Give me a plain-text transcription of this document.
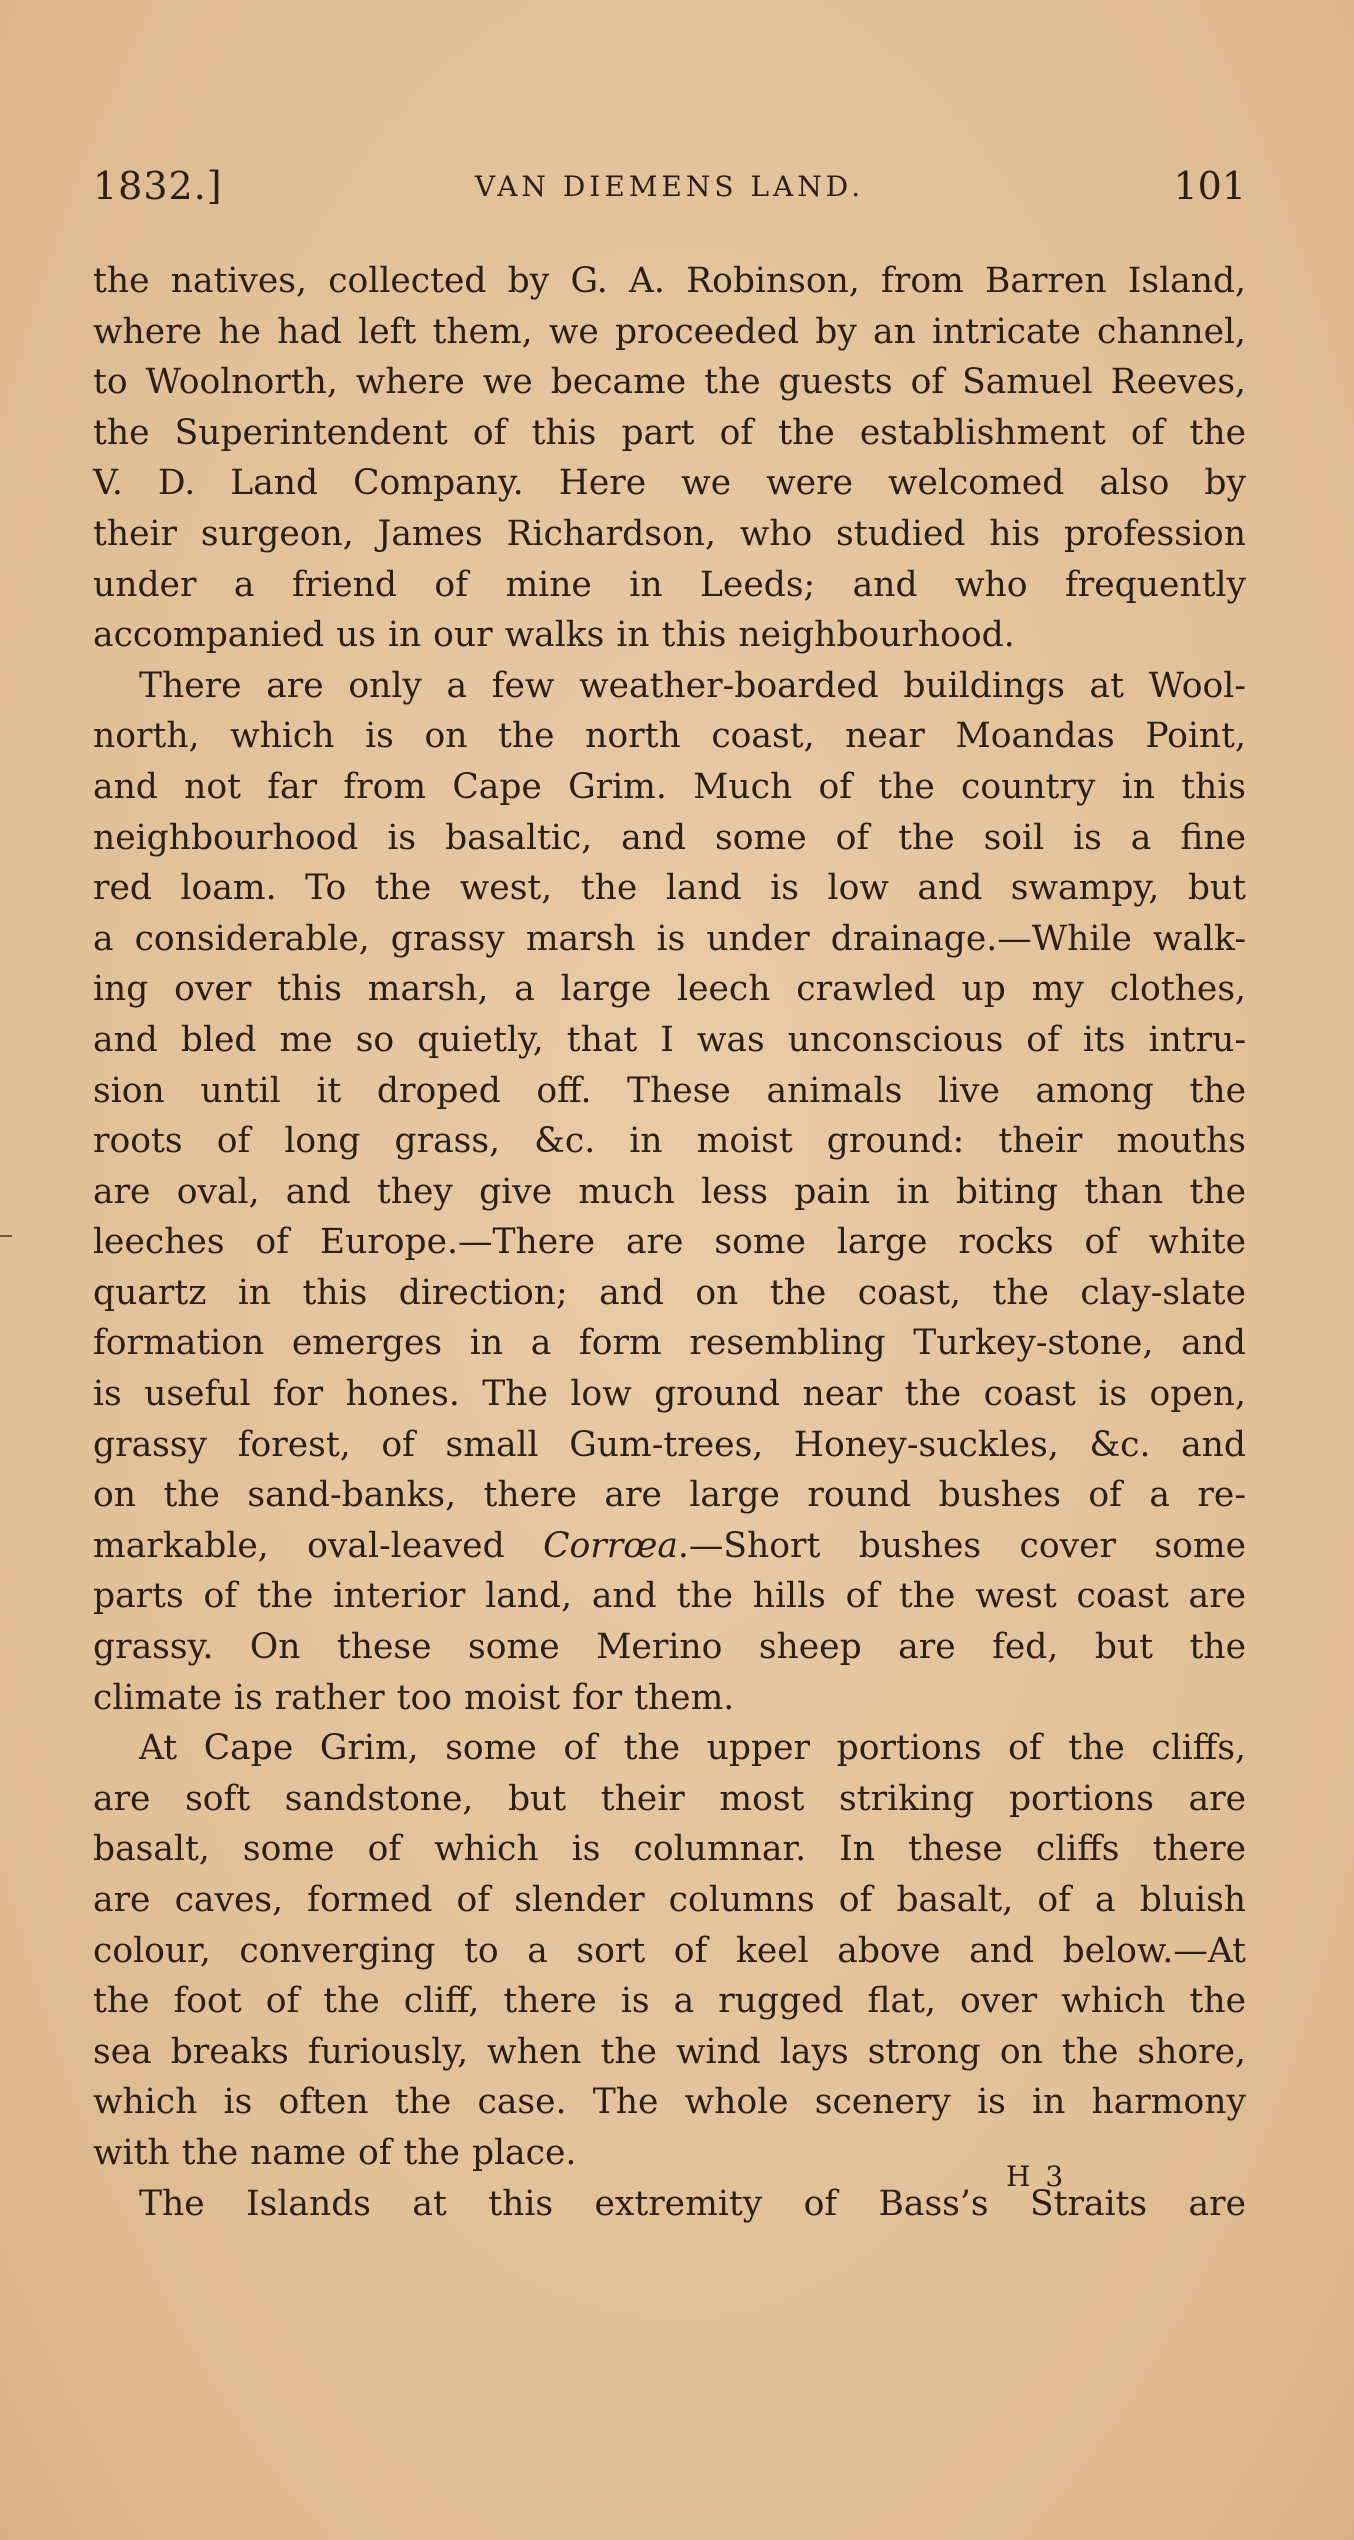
1832.]	VAN DIEMENS LAND.	101
the natives, collected by G. A. Robinson, from Barren Island,
where he had left them, we proceeded by an intricate channel,
to Woolnorth, where we became the guests of Samuel Reeves,
the Superintendent of this part of the establishment of the
V. D. Land Company. Here we were welcomed also by
their surgeon, James Richardson, who studied his profession
under a friend of mine in Leeds; and who frequently
accompanied us in our walks in this neighbourhood.
There are only a few weather-boarded buildings at Wool-
north, which is on the north coast, near Moandas Point,
and not far from Cape Grim. Much of the country in this
neighbourhood is basaltic, and some of the soil is a fine
red loam. To the west, the land is low and swampy, but
a considerable, grassy marsh is under drainage.—While walk-
ing over this marsh, a large leech crawled up my clothes,
and bled me so quietly, that I was unconscious of its intru-
sion until it droped off. These animals live among the
roots of long grass, &c. in moist ground: their mouths
are oval, and they give much less pain in biting than the
leeches of Europe.—There are some large rocks of white
quartz in this direction; and on the coast, the clay-slate
formation emerges in a form resembling Turkey-stone, and
is useful for hones. The low ground near the coast is open,
grassy forest, of small Gum-trees, Honey-suckles, &c. and
on the sand-banks, there are large round bushes of a re-
markable, oval-leaved Corrœa.—Short bushes cover some
parts of the interior land, and the hills of the west coast are
grassy. On these some Merino sheep are fed, but the
climate is rather too moist for them.
At Cape Grim, some of the upper portions of the cliffs,
are soft sandstone, but their most striking portions are
basalt, some of which is columnar. In these cliffs there
are caves, formed of slender columns of basalt, of a bluish
colour, converging to a sort of keel above and below.—At
the foot of the cliff, there is a rugged flat, over which the
sea breaks furiously, when the wind lays strong on the shore,
which is often the case. The whole scenery is in harmony
with the name of the place.
The Islands at this extremity of Bass’s Straits are
H 3
